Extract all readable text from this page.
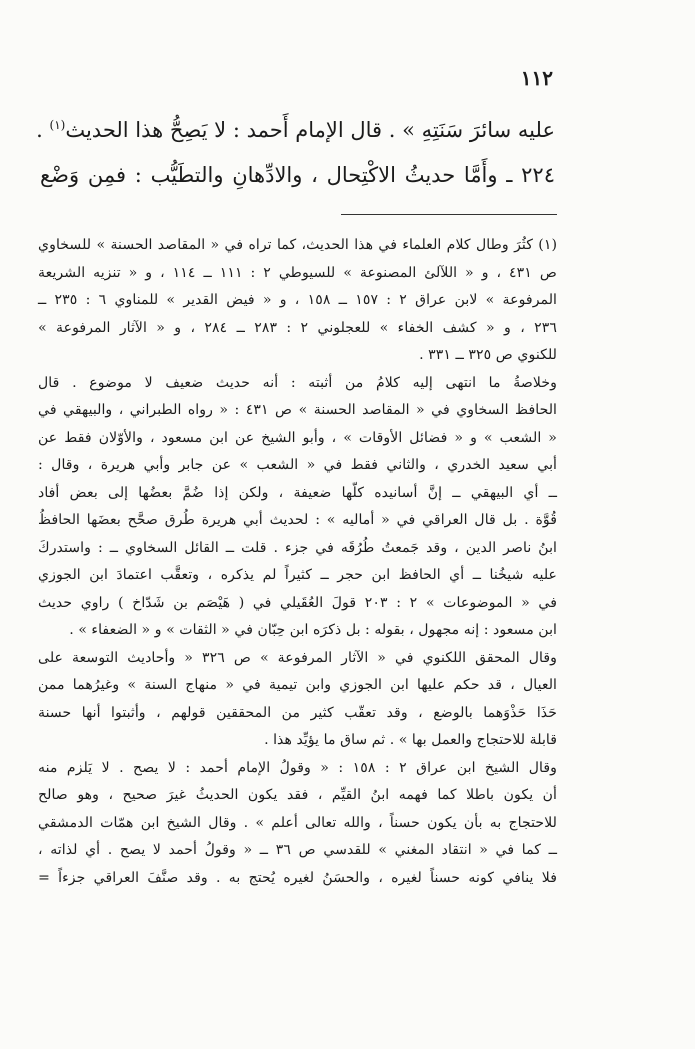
١١٢

عليه سائرَ سَنَتِهِ » . قال الإمام أَحمد : لا يَصِحُّ هذا الحديث$^{(١)}$ .

٢٢٤ ـ وأَمَّا حديثُ الاكْتِحال ، والادِّهانِ والتطَيُّب : فمِن وَضْع

(١) كثُرَ وطال كلام العلماء في هذا الحديث، كما تراه في « المقاصد الحسنة » للسخاوي

ص ٤٣١ ، و « اللآلئ المصنوعة » للسيوطي ٢ : ١١١ ــ ١١٤ ، و « تنزيه الشريعة

المرفوعة » لابن عراق ٢ : ١٥٧ ــ ١٥٨ ، و « فيض القدير » للمناوي ٦ : ٢٣٥ ــ

٢٣٦ ، و « كشف الخفاء » للعجلوني ٢ : ٢٨٣ ــ ٢٨٤ ، و « الآثار المرفوعة »

للكنوي ص ٣٢٥ ــ ٣٣١ .

وخلاصةُ ما انتهى إليه كلامُ من أثبته : أنه حديث ضعيف لا موضوع . قال

الحافظ السخاوي في « المقاصد الحسنة » ص ٤٣١ : « رواه الطبراني ، والبيهقي في

« الشعب » و « فضائل الأوقات » ، وأبو الشيخ عن ابن مسعود ، والأوّلان فقط عن

أبي سعيد الخدري ، والثاني فقط في « الشعب » عن جابر وأبي هريرة ، وقال :

ــ أي البيهقي ــ إنَّ أسانيده كلّها ضعيفة ، ولكن إذا ضُمَّ بعضُها إلى بعض أفاد

قُوَّة . بل قال العراقي في « أماليه » : لحديث أبي هريرة طُرق صحَّح بعضَها الحافظُ

ابنُ ناصر الدين ، وقد جَمعتُ طُرُقَه في جزء . قلت ــ القائل السخاوي ــ : واستدركَ

عليه شيخُنا ــ أي الحافظ ابن حجر ــ كثيراً لم يذكره ، وتعقَّب اعتمادَ ابن الجوزي

في « الموضوعات » ٢ : ٢٠٣ قولَ العُقَيلي في ( هَيْصَم بن شَدّاخ ) راوي حديث

ابن مسعود : إنه مجهول ، بقوله : بل ذكرَه ابن حِبّان في « الثقات » و « الضعفاء » .

وقال المحقق اللكنوي في « الآثار المرفوعة » ص ٣٢٦ « وأحاديث التوسعة على

العيال ، قد حكم عليها ابن الجوزي وابن تيمية في « منهاج السنة » وغيرُهما ممن

حَذَا حَذْوَهما بالوضع ، وقد تعقّب كثير من المحققين قولهم ، وأثبتوا أنها حسنة

قابلة للاحتجاج والعمل بها » . ثم ساق ما يؤيِّد هذا .

وقال الشيخ ابن عراق ٢ : ١٥٨ : « وقولُ الإمام أحمد : لا يصح . لا يَلزم منه

أن يكون باطلا كما فهمه ابنُ القيِّم ، فقد يكون الحديثُ غيرَ صحيح ، وهو صالح

للاحتجاج به بأن يكون حسناً ، والله تعالى أعلم » . وقال الشيخ ابن همّات الدمشقي

ــ كما في « انتقاد المغني » للقدسي ص ٣٦ ــ « وقولُ أحمد لا يصح . أي لذاته ،

فلا ينافي كونه حسناً لغيره ، والحسَنُ لغيره يُحتج به . وقد صنَّفَ العراقي جزءاً =
